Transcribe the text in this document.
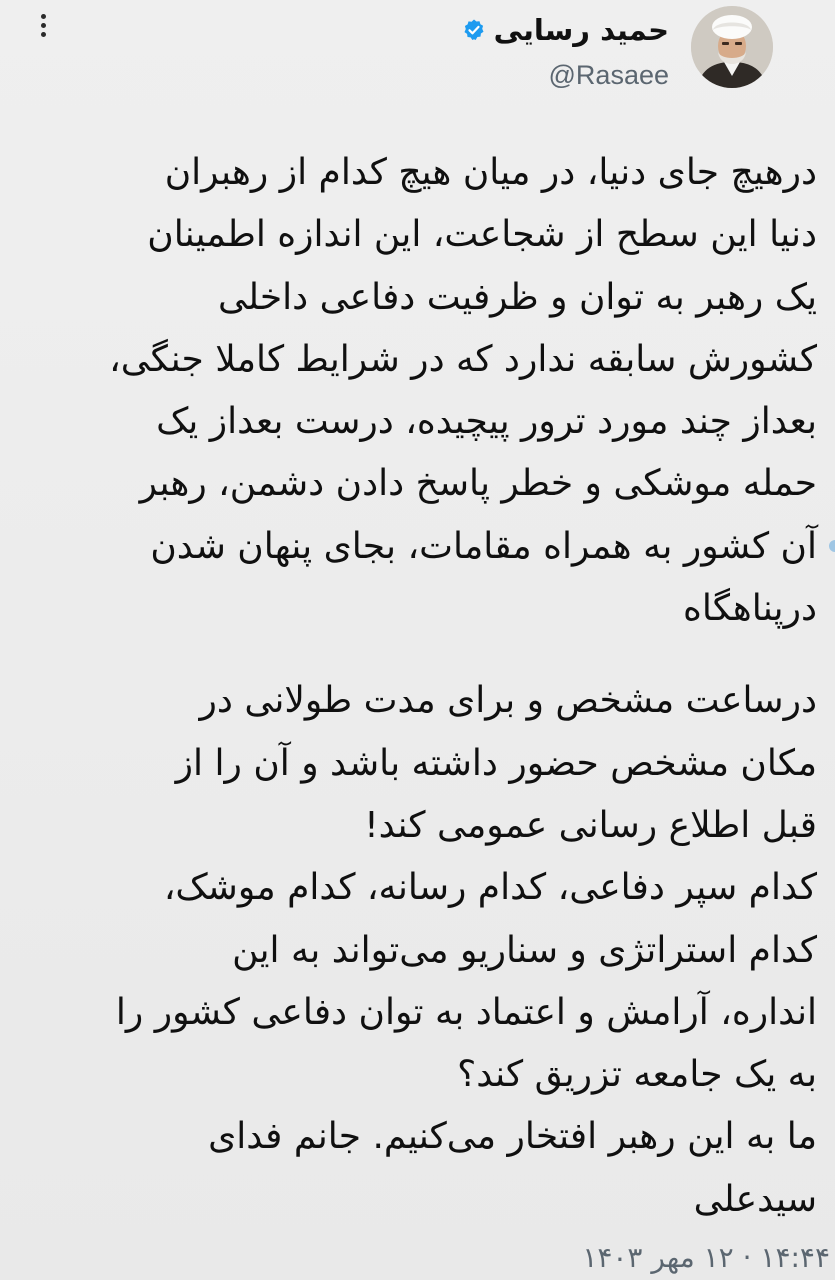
حمید رسایی
@Rasaee
درهیچ جای دنیا، در میان هیچ کدام از رهبران
دنیا این سطح از شجاعت، این اندازه اطمینان
یک رهبر به توان و ظرفیت دفاعی داخلی
کشورش سابقه ندارد که در شرایط کاملا جنگی،
بعداز چند مورد ترور پیچیده، درست بعداز یک
حمله موشکی و خطر پاسخ دادن دشمن، رهبر
آن کشور به همراه مقامات، بجای پنهان شدن
درپناهگاه
درساعت مشخص و برای مدت طولانی در
مکان مشخص حضور داشته باشد و آن را از
قبل اطلاع رسانی عمومی کند!
کدام سپر دفاعی، کدام رسانه، کدام موشک،
کدام استراتژی و سناریو می‌تواند به این
انداره، آرامش و اعتماد به توان دفاعی کشور را
به یک جامعه تزریق کند؟
ما به این رهبر افتخار می‌کنیم. جانم فدای
سیدعلی
۱۴:۴۴ · ۱۲ مهر ۱۴۰۳
